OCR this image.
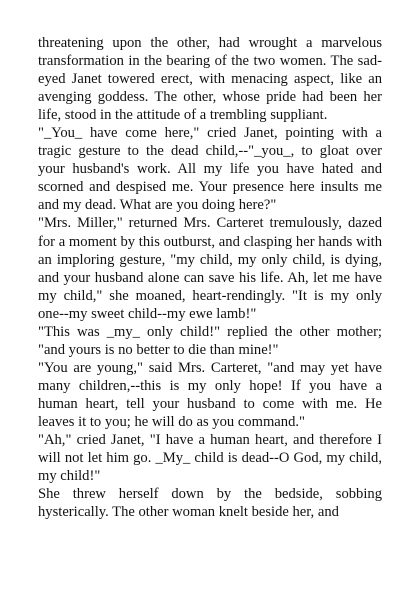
threatening upon the other, had wrought a marvelous transformation in the bearing of the two women. The sad-eyed Janet towered erect, with menacing aspect, like an avenging goddess. The other, whose pride had been her life, stood in the attitude of a trembling suppliant.

"_You_ have come here," cried Janet, pointing with a tragic gesture to the dead child,--"_you_, to gloat over your husband's work. All my life you have hated and scorned and despised me. Your presence here insults me and my dead. What are you doing here?"

"Mrs. Miller," returned Mrs. Carteret tremulously, dazed for a moment by this outburst, and clasping her hands with an imploring gesture, "my child, my only child, is dying, and your husband alone can save his life. Ah, let me have my child," she moaned, heart-rendingly. "It is my only one--my sweet child--my ewe lamb!"

"This was _my_ only child!" replied the other mother; "and yours is no better to die than mine!"

"You are young," said Mrs. Carteret, "and may yet have many children,--this is my only hope! If you have a human heart, tell your husband to come with me. He leaves it to you; he will do as you command."

"Ah," cried Janet, "I have a human heart, and therefore I will not let him go. _My_ child is dead--O God, my child, my child!"

She threw herself down by the bedside, sobbing hysterically. The other woman knelt beside her, and
